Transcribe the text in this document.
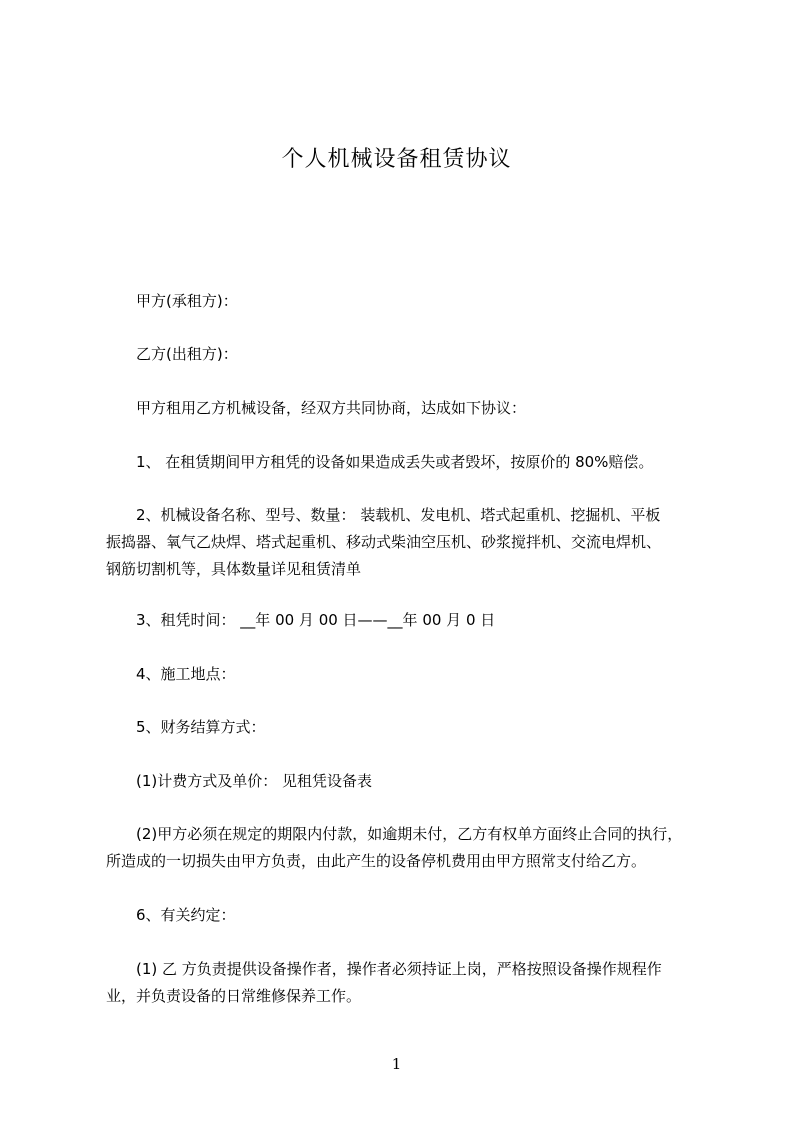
个人机械设备租赁协议
甲方(承租方)：
乙方(出租方)：
甲方租用乙方机械设备，经双方共同协商，达成如下协议：
1、 在租赁期间甲方租凭的设备如果造成丢失或者毁坏，按原价的 80%赔偿。
2、机械设备名称、型号、数量： 装载机、发电机、塔式起重机、挖掘机、平板
振捣器、氧气乙炔焊、塔式起重机、移动式柴油空压机、砂浆搅拌机、交流电焊机、
钢筋切割机等，具体数量详见租赁清单
3、租凭时间： __年 00 月 00 日——__年 00 月 0 日
4、施工地点：
5、财务结算方式：
(1)计费方式及单价： 见租凭设备表
(2)甲方必须在规定的期限内付款，如逾期未付，乙方有权单方面终止合同的执行，
所造成的一切损失由甲方负责，由此产生的设备停机费用由甲方照常支付给乙方。
6、有关约定：
(1) 乙 方负责提供设备操作者，操作者必须持证上岗，严格按照设备操作规程作
业，并负责设备的日常维修保养工作。
1
